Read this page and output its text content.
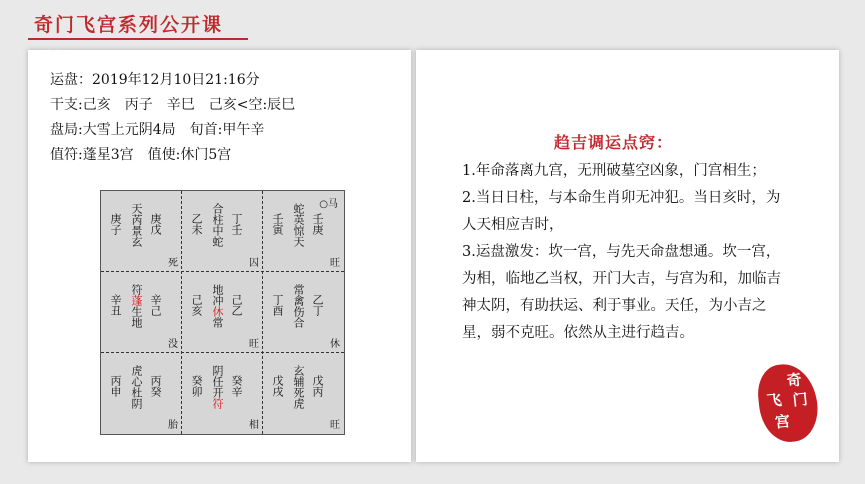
奇门飞宫系列公开课
运盘：2019年12月10日21:16分
干支:己亥　丙子　辛巳　己亥<空:辰巳
盘局:大雪上元阴4局　旬首:甲午辛
值符:蓬星3宫　值使:休门5宫
○马
庚子
天芮景玄
庚戊
死
乙未
合柱中蛇
丁壬
囚
壬寅
蛇英惊天
壬庚
旺
辛丑
符蓬生地
辛己
没
己亥
地冲休常
己乙
旺
丁酉
常禽伤合
乙丁
休
丙申
虎心杜阴
丙癸
胎
癸卯
阴任开符
癸辛
相
戊戌
玄辅死虎
戊丙
旺
趋吉调运点窍：

1.年命落离九宫，无刑破墓空凶象，门宫相生；

2.当日日柱，与本命生肖卯无冲犯。当日亥时，为人天相应吉时，

3.运盘激发：坎一宫，与先天命盘想通。坎一宫，为相，临地乙当权，开门大吉，与宫为和，加临吉神太阴，有助扶运、利于事业。天任，为小吉之星，弱不克旺。依然从主进行趋吉。

奇
门
飞
宫
